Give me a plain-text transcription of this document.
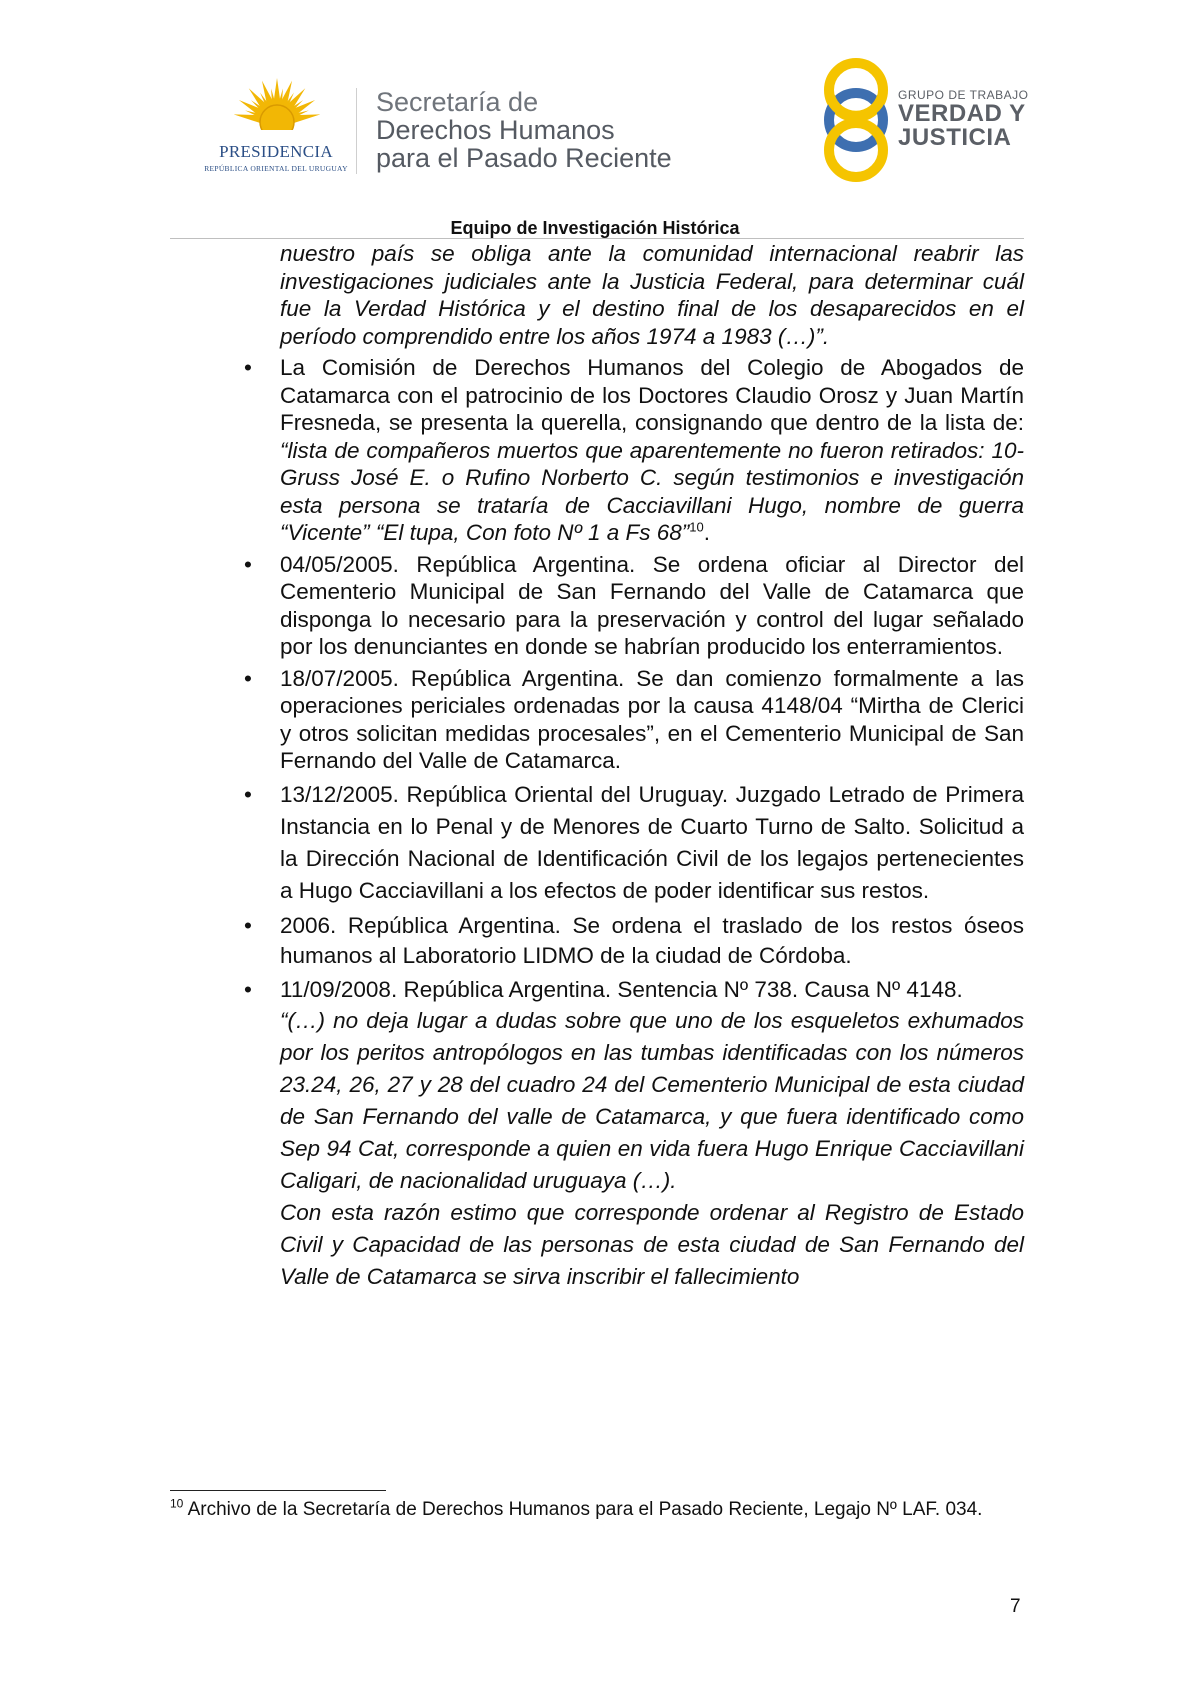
PRESIDENCIA
REPÚBLICA ORIENTAL DEL URUGUAY
Secretaría de
Derechos Humanos
para el Pasado Reciente
GRUPO DE TRABAJO
VERDAD Y
JUSTICIA
Equipo de Investigación Histórica

nuestro país se obliga ante la comunidad internacional reabrir las investigaciones judiciales ante la Justicia Federal, para determinar cuál fue la Verdad Histórica y el destino final de los desaparecidos en el período comprendido entre los años 1974 a 1983 (…)”.

• La Comisión de Derechos Humanos del Colegio de Abogados de Catamarca con el patrocinio de los Doctores Claudio Orosz y Juan Martín Fresneda, se presenta la querella, consignando que dentro de la lista de: “lista de compañeros muertos que aparentemente no fueron retirados: 10- Gruss José E. o Rufino Norberto C. según testimonios e investigación esta persona se trataría de Cacciavillani Hugo, nombre de guerra “Vicente” “El tupa, Con foto Nº 1 a Fs 68”$^{10}$.
• 04/05/2005. República Argentina. Se ordena oficiar al Director del Cementerio Municipal de San Fernando del Valle de Catamarca que disponga lo necesario para la preservación y control del lugar señalado por los denunciantes en donde se habrían producido los enterramientos.
• 18/07/2005. República Argentina. Se dan comienzo formalmente a las operaciones periciales ordenadas por la causa 4148/04 “Mirtha de Clerici y otros solicitan medidas procesales”, en el Cementerio Municipal de San Fernando del Valle de Catamarca.
• 13/12/2005. República Oriental del Uruguay. Juzgado Letrado de Primera Instancia en lo Penal y de Menores de Cuarto Turno de Salto. Solicitud a la Dirección Nacional de Identificación Civil de los legajos pertenecientes a Hugo Cacciavillani a los efectos de poder identificar sus restos.
• 2006. República Argentina. Se ordena el traslado de los restos óseos humanos al Laboratorio LIDMO de la ciudad de Córdoba.
• 11/09/2008. República Argentina. Sentencia Nº 738. Causa Nº 4148.

“(…) no deja lugar a dudas sobre que uno de los esqueletos exhumados por los peritos antropólogos en las tumbas identificadas con los números 23.24, 26, 27 y 28 del cuadro 24 del Cementerio Municipal de esta ciudad de San Fernando del valle de Catamarca, y que fuera identificado como Sep 94 Cat, corresponde a quien en vida fuera Hugo Enrique Cacciavillani Caligari, de nacionalidad uruguaya (…).

Con esta razón estimo que corresponde ordenar al Registro de Estado Civil y Capacidad de las personas de esta ciudad de San Fernando del Valle de Catamarca se sirva inscribir el fallecimiento

$^{10}$ Archivo de la Secretaría de Derechos Humanos para el Pasado Reciente, Legajo Nº LAF. 034.
7
